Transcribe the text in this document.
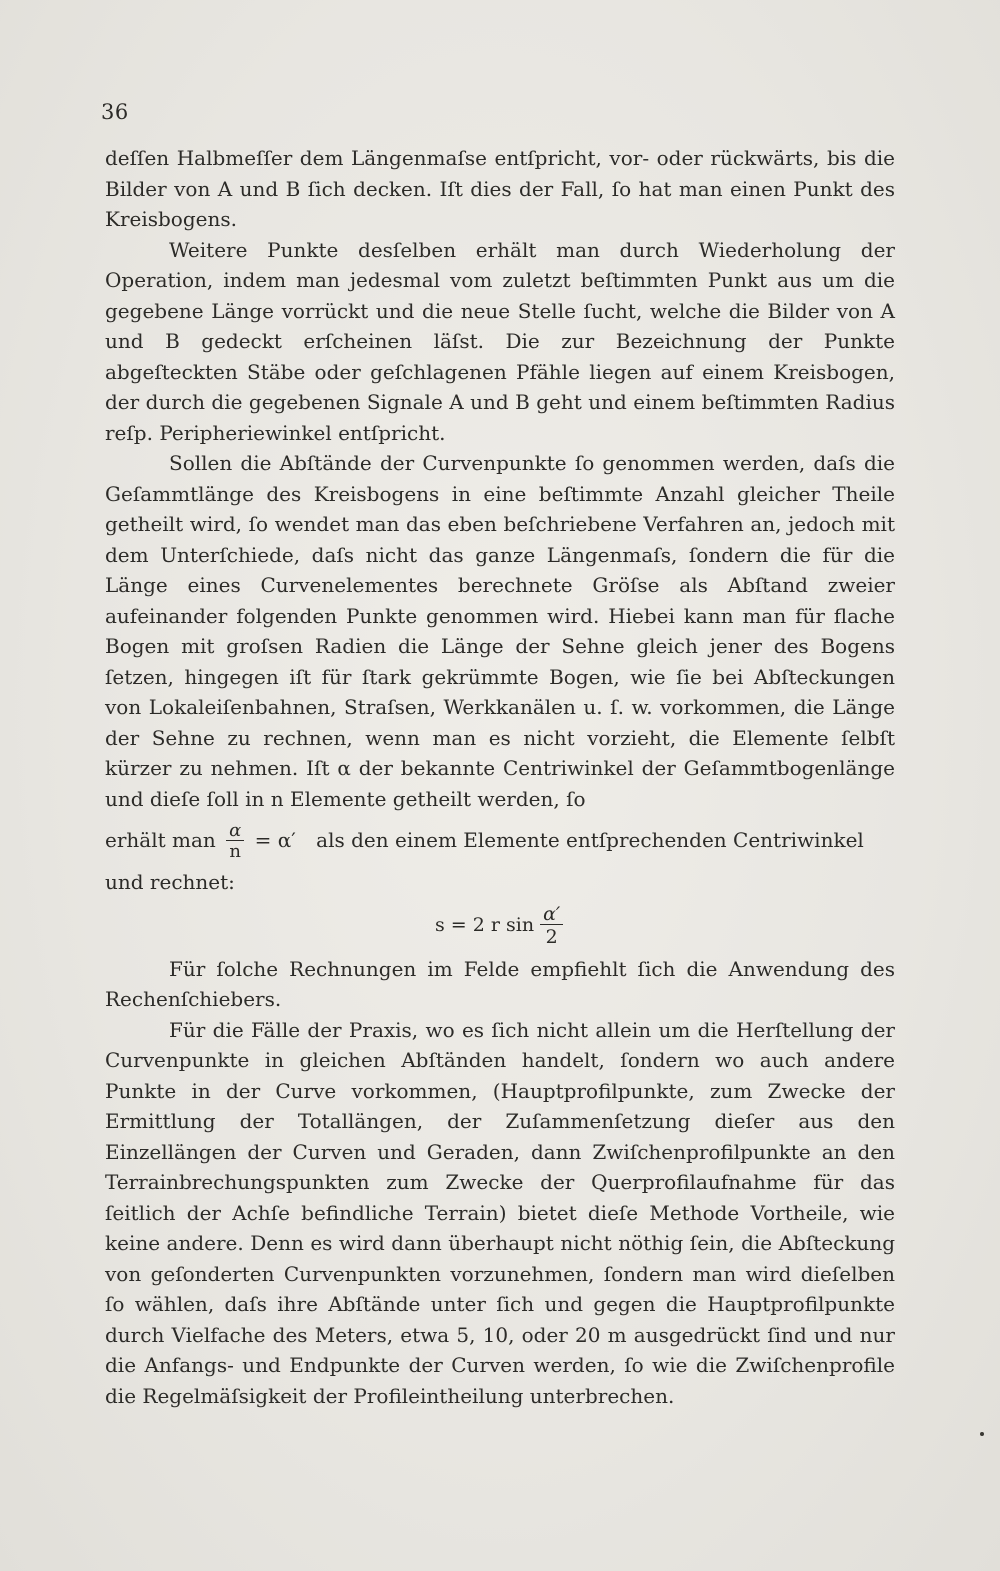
36

deſſen Halbmeſſer dem Längenmaſse entſpricht, vor- oder rückwärts, bis die Bilder von A und B ſich decken. Iſt dies der Fall, ſo hat man einen Punkt des Kreisbogens.

Weitere Punkte desſelben erhält man durch Wiederholung der Operation, indem man jedesmal vom zuletzt beſtimmten Punkt aus um die gegebene Länge vorrückt und die neue Stelle ſucht, welche die Bilder von A und B gedeckt erſcheinen läſst. Die zur Bezeichnung der Punkte abgeſteckten Stäbe oder geſchlagenen Pfähle liegen auf einem Kreisbogen, der durch die gegebenen Signale A und B geht und einem beſtimmten Radius reſp. Peripheriewinkel entſpricht.

Sollen die Abſtände der Curvenpunkte ſo genommen werden, daſs die Geſammtlänge des Kreisbogens in eine beſtimmte Anzahl gleicher Theile getheilt wird, ſo wendet man das eben beſchriebene Verfahren an, jedoch mit dem Unterſchiede, daſs nicht das ganze Längenmaſs, ſondern die für die Länge eines Curvenelementes berechnete Gröſse als Abſtand zweier aufeinander folgenden Punkte genommen wird. Hiebei kann man für flache Bogen mit groſsen Radien die Länge der Sehne gleich jener des Bogens ſetzen, hingegen iſt für ſtark gekrümmte Bogen, wie ſie bei Abſteckungen von Lokaleiſenbahnen, Straſsen, Werkkanälen u. ſ. w. vorkommen, die Länge der Sehne zu rechnen, wenn man es nicht vorzieht, die Elemente ſelbſt kürzer zu nehmen. Iſt α der bekannte Centriwinkel der Geſammtbogenlänge und dieſe ſoll in n Elemente getheilt werden, ſo

erhält man $\frac{\alpha}{n} = \alpha'$ als den einem Elemente entſprechenden Centriwinkel

und rechnet:

s = 2 r $\sin \frac{\alpha'}{2}$

Für ſolche Rechnungen im Felde empfiehlt ſich die Anwendung des Rechenſchiebers.

Für die Fälle der Praxis, wo es ſich nicht allein um die Herſtellung der Curvenpunkte in gleichen Abſtänden handelt, ſondern wo auch andere Punkte in der Curve vorkommen, (Hauptprofilpunkte, zum Zwecke der Ermittlung der Totallängen, der Zuſammenſetzung dieſer aus den Einzellängen der Curven und Geraden, dann Zwiſchenprofilpunkte an den Terrainbrechungspunkten zum Zwecke der Querprofilaufnahme für das ſeitlich der Achſe befindliche Terrain) bietet dieſe Methode Vortheile, wie keine andere. Denn es wird dann überhaupt nicht nöthig ſein, die Abſteckung von geſonderten Curvenpunkten vorzunehmen, ſondern man wird dieſelben ſo wählen, daſs ihre Abſtände unter ſich und gegen die Hauptprofilpunkte durch Vielfache des Meters, etwa 5, 10, oder 20 m ausgedrückt ſind und nur die Anfangs- und Endpunkte der Curven werden, ſo wie die Zwiſchenprofile die Regelmäſsigkeit der Profileintheilung unterbrechen.
